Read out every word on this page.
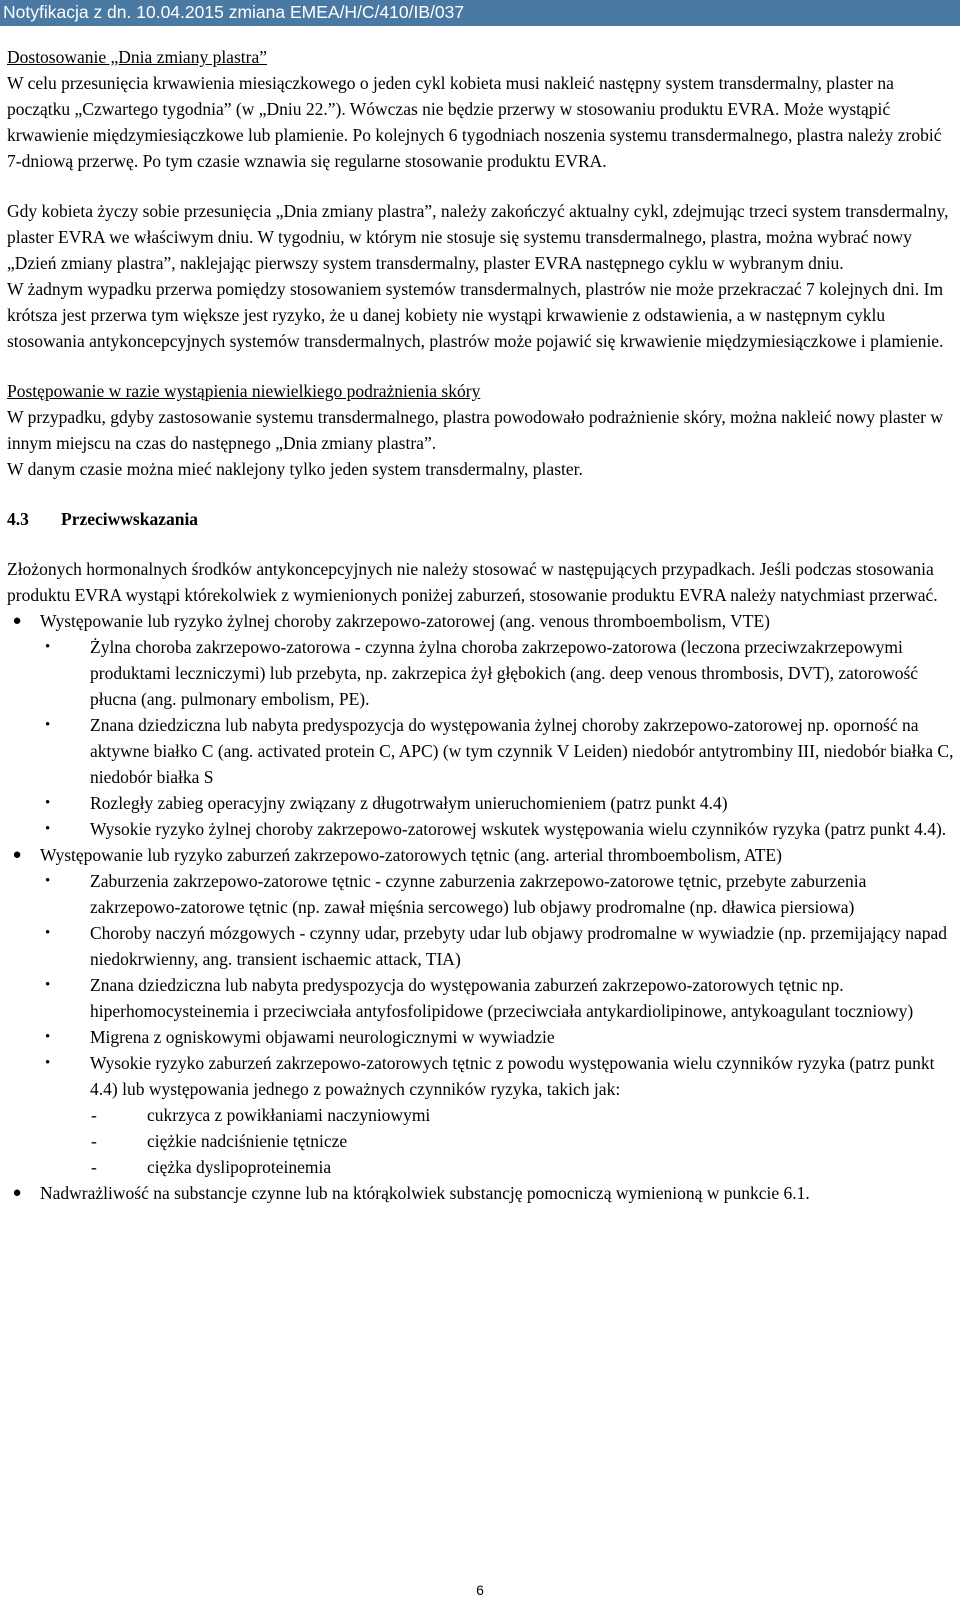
Notyfikacja z dn. 10.04.2015 zmiana EMEA/H/C/410/IB/037

Dostosowanie „Dnia zmiany plastra”

W celu przesunięcia krwawienia miesiączkowego o jeden cykl kobieta musi nakleić następny system transdermalny, plaster na początku „Czwartego tygodnia” (w „Dniu 22.”). Wówczas nie będzie przerwy w stosowaniu produktu EVRA. Może wystąpić krwawienie międzymiesiączkowe lub plamienie. Po kolejnych 6 tygodniach noszenia systemu transdermalnego, plastra należy zrobić 7-dniową przerwę. Po tym czasie wznawia się regularne stosowanie produktu EVRA.

Gdy kobieta życzy sobie przesunięcia „Dnia zmiany plastra”, należy zakończyć aktualny cykl, zdejmując trzeci system transdermalny, plaster EVRA we właściwym dniu. W tygodniu, w którym nie stosuje się systemu transdermalnego, plastra, można wybrać nowy „Dzień zmiany plastra”, naklejając pierwszy system transdermalny, plaster EVRA następnego cyklu w wybranym dniu.

W żadnym wypadku przerwa pomiędzy stosowaniem systemów transdermalnych, plastrów nie może przekraczać 7 kolejnych dni. Im krótsza jest przerwa tym większe jest ryzyko, że u danej kobiety nie wystąpi krwawienie z odstawienia, a w następnym cyklu stosowania antykoncepcyjnych systemów transdermalnych, plastrów może pojawić się krwawienie międzymiesiączkowe i plamienie.

Postępowanie w razie wystąpienia niewielkiego podrażnienia skóry

W przypadku, gdyby zastosowanie systemu transdermalnego, plastra powodowało podrażnienie skóry, można nakleić nowy plaster w innym miejscu na czas do następnego „Dnia zmiany plastra”.

W danym czasie można mieć naklejony tylko jeden system transdermalny, plaster.

4.3 Przeciwwskazania

Złożonych hormonalnych środków antykoncepcyjnych nie należy stosować w następujących przypadkach. Jeśli podczas stosowania produktu EVRA wystąpi którekolwiek z wymienionych poniżej zaburzeń, stosowanie produktu EVRA należy natychmiast przerwać.

●	Występowanie lub ryzyko żylnej choroby zakrzepowo-zatorowej (ang. venous thromboembolism, VTE)
• Żylna choroba zakrzepowo-zatorowa - czynna żylna choroba zakrzepowo-zatorowa (leczona przeciwzakrzepowymi produktami leczniczymi) lub przebyta, np. zakrzepica żył głębokich (ang. deep venous thrombosis, DVT), zatorowość płucna (ang. pulmonary embolism, PE).
• Znana dziedziczna lub nabyta predyspozycja do występowania żylnej choroby zakrzepowo-zatorowej np. oporność na aktywne białko C (ang. activated protein C, APC) (w tym czynnik V Leiden) niedobór antytrombiny III, niedobór białka C, niedobór białka S
• Rozległy zabieg operacyjny związany z długotrwałym unieruchomieniem (patrz punkt 4.4)
• Wysokie ryzyko żylnej choroby zakrzepowo-zatorowej wskutek występowania wielu czynników ryzyka (patrz punkt 4.4).
●	Występowanie lub ryzyko zaburzeń zakrzepowo-zatorowych tętnic (ang. arterial thromboembolism, ATE)
• Zaburzenia zakrzepowo-zatorowe tętnic - czynne zaburzenia zakrzepowo-zatorowe tętnic, przebyte zaburzenia zakrzepowo-zatorowe tętnic (np. zawał mięśnia sercowego) lub objawy prodromalne (np. dławica piersiowa)
• Choroby naczyń mózgowych - czynny udar, przebyty udar lub objawy prodromalne w wywiadzie (np. przemijający napad niedokrwienny, ang. transient ischaemic attack, TIA)
• Znana dziedziczna lub nabyta predyspozycja do występowania zaburzeń zakrzepowo-zatorowych tętnic np. hiperhomocysteinemia i przeciwciała antyfosfolipidowe (przeciwciała antykardiolipinowe, antykoagulant toczniowy)
• Migrena z ogniskowymi objawami neurologicznymi w wywiadzie
• Wysokie ryzyko zaburzeń zakrzepowo-zatorowych tętnic z powodu występowania wielu czynników ryzyka (patrz punkt 4.4) lub występowania jednego z poważnych czynników ryzyka, takich jak:
-	cukrzyca z powikłaniami naczyniowymi
-	ciężkie nadciśnienie tętnicze
-	ciężka dyslipoproteinemia
●	Nadwrażliwość na substancje czynne lub na którąkolwiek substancję pomocniczą wymienioną w punkcie 6.1.
6
